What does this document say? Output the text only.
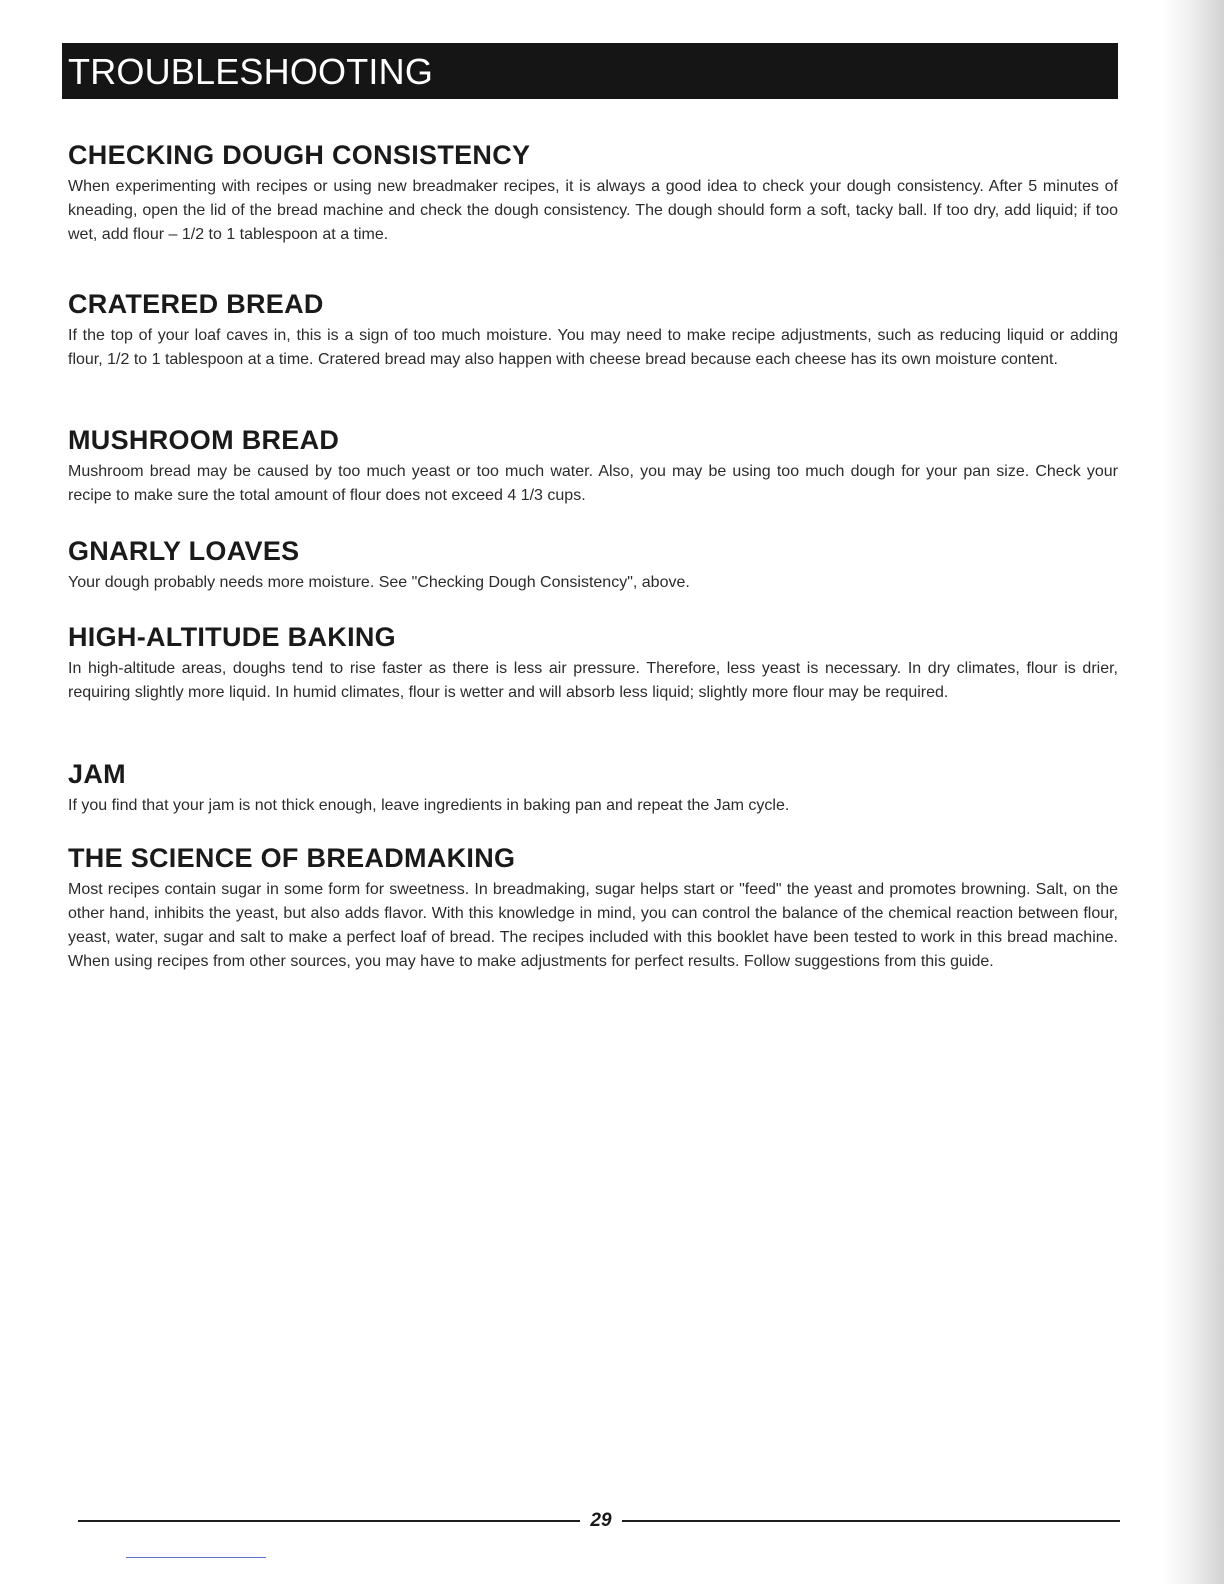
TROUBLESHOOTING
CHECKING DOUGH CONSISTENCY

When experimenting with recipes or using new breadmaker recipes, it is always a good idea to check your dough consistency. After 5 minutes of kneading, open the lid of the bread machine and check the dough consistency. The dough should form a soft, tacky ball. If too dry, add liquid; if too wet, add flour – 1/2 to 1 tablespoon at a time.

CRATERED BREAD

If the top of your loaf caves in, this is a sign of too much moisture. You may need to make recipe adjustments, such as reducing liquid or adding flour, 1/2 to 1 tablespoon at a time. Cratered bread may also happen with cheese bread because each cheese has its own moisture content.

MUSHROOM BREAD

Mushroom bread may be caused by too much yeast or too much water. Also, you may be using too much dough for your pan size. Check your recipe to make sure the total amount of flour does not exceed 4 1/3 cups.

GNARLY LOAVES

Your dough probably needs more moisture. See "Checking Dough Consistency", above.

HIGH-ALTITUDE BAKING

In high-altitude areas, doughs tend to rise faster as there is less air pressure. Therefore, less yeast is necessary. In dry climates, flour is drier, requiring slightly more liquid. In humid climates, flour is wetter and will absorb less liquid; slightly more flour may be required.

JAM

If you find that your jam is not thick enough, leave ingredients in baking pan and repeat the Jam cycle.

THE SCIENCE OF BREADMAKING

Most recipes contain sugar in some form for sweetness. In breadmaking, sugar helps start or "feed" the yeast and promotes browning. Salt, on the other hand, inhibits the yeast, but also adds flavor. With this knowledge in mind, you can control the balance of the chemical reaction between flour, yeast, water, sugar and salt to make a perfect loaf of bread. The recipes included with this booklet have been tested to work in this bread machine. When using recipes from other sources, you may have to make adjustments for perfect results. Follow suggestions from this guide.

29
